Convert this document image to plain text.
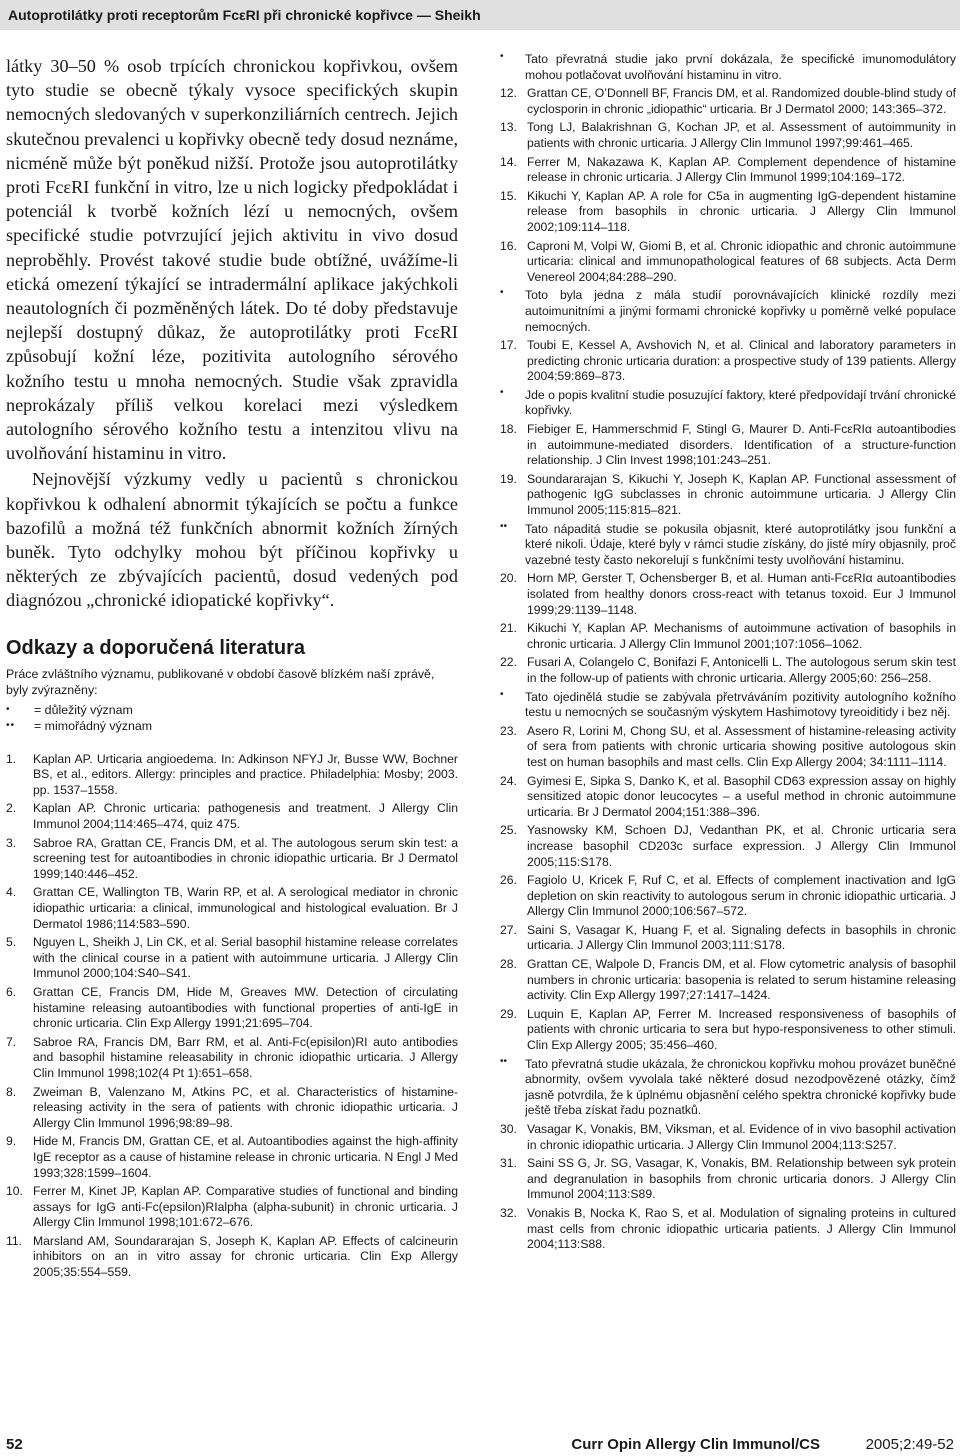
Autoprotilátky proti receptorům FcεRI při chronické kopřivce — Sheikh

látky 30–50 % osob trpících chronickou kopřivkou, ovšem tyto studie se obecně týkaly vysoce specifických skupin nemocných sledovaných v superkonziliárních centrech. Jejich skutečnou prevalenci u kopřivky obecně tedy dosud neznáme, nicméně může být poněkud nižší. Protože jsou autoprotilátky proti FcεRI funkční in vitro, lze u nich logicky předpokládat i potenciál k tvorbě kožních lézí u nemocných, ovšem specifické studie potvrzující jejich aktivitu in vivo dosud neproběhly. Provést takové studie bude obtížné, uvážíme-li etická omezení týkající se intradermální aplikace jakýchkoli neautologních či pozměněných látek. Do té doby představuje nejlepší dostupný důkaz, že autoprotilátky proti FcεRI způsobují kožní léze, pozitivita autologního sérového kožního testu u mnoha nemocných. Studie však zpravidla neprokázaly příliš velkou korelaci mezi výsledkem autologního sérového kožního testu a intenzitou vlivu na uvolňování histaminu in vitro.

Nejnovější výzkumy vedly u pacientů s chronickou kopřivkou k odhalení abnormit týkajících se počtu a funkce bazofilů a možná též funkčních abnormit kožních žírných buněk. Tyto odchylky mohou být příčinou kopřivky u některých ze zbývajících pacientů, dosud vedených pod diagnózou „chronické idiopatické kopřivky“.

Odkazy a doporučená literatura

Práce zvláštního významu, publikované v období časově blízkém naší zprávě, byly zvýrazněny:

•	= důležitý význam
••	= mimořádný význam
1.	Kaplan AP. Urticaria angioedema. In: Adkinson NFYJ Jr, Busse WW, Bochner BS, et al., editors. Allergy: principles and practice. Philadelphia: Mosby; 2003. pp. 1537–1558.
2.	Kaplan AP. Chronic urticaria: pathogenesis and treatment. J Allergy Clin Immunol 2004;114:465–474, quiz 475.
3.	Sabroe RA, Grattan CE, Francis DM, et al. The autologous serum skin test: a screening test for autoantibodies in chronic idiopathic urticaria. Br J Dermatol 1999;140:446–452.
4.	Grattan CE, Wallington TB, Warin RP, et al. A serological mediator in chronic idiopathic urticaria: a clinical, immunological and histological evaluation. Br J Dermatol 1986;114:583–590.
5.	Nguyen L, Sheikh J, Lin CK, et al. Serial basophil histamine release correlates with the clinical course in a patient with autoimmune urticaria. J Allergy Clin Immunol 2000;104:S40–S41.
6.	Grattan CE, Francis DM, Hide M, Greaves MW. Detection of circulating histamine releasing autoantibodies with functional properties of anti-IgE in chronic urticaria. Clin Exp Allergy 1991;21:695–704.
7.	Sabroe RA, Francis DM, Barr RM, et al. Anti-Fc(episilon)RI auto antibodies and basophil histamine releasability in chronic idiopathic urticaria. J Allergy Clin Immunol 1998;102(4 Pt 1):651–658.
8.	Zweiman B, Valenzano M, Atkins PC, et al. Characteristics of histamine-releasing activity in the sera of patients with chronic idiopathic urticaria. J Allergy Clin Immunol 1996;98:89–98.
9.	Hide M, Francis DM, Grattan CE, et al. Autoantibodies against the high-affinity IgE receptor as a cause of histamine release in chronic urticaria. N Engl J Med 1993;328:1599–1604.
10. Ferrer M, Kinet JP, Kaplan AP. Comparative studies of functional and binding assays for IgG anti-Fc(epsilon)RIalpha (alpha-subunit) in chronic urticaria. J Allergy Clin Immunol 1998;101:672–676.
11. Marsland AM, Soundararajan S, Joseph K, Kaplan AP. Effects of calcineurin inhibitors on an in vitro assay for chronic urticaria. Clin Exp Allergy 2005;35:554–559.
•	Tato převratná studie jako první dokázala, že specifické imunomodulátory mohou potlačovat uvolňování histaminu in vitro.
12. Grattan CE, O’Donnell BF, Francis DM, et al. Randomized double-blind study of cyclosporin in chronic „idiopathic“ urticaria. Br J Dermatol 2000; 143:365–372.
13. Tong LJ, Balakrishnan G, Kochan JP, et al. Assessment of autoimmunity in patients with chronic urticaria. J Allergy Clin Immunol 1997;99:461–465.
14. Ferrer M, Nakazawa K, Kaplan AP. Complement dependence of histamine release in chronic urticaria. J Allergy Clin Immunol 1999;104:169–172.
15. Kikuchi Y, Kaplan AP. A role for C5a in augmenting IgG-dependent histamine release from basophils in chronic urticaria. J Allergy Clin Immunol 2002;109:114–118.
16. Caproni M, Volpi W, Giomi B, et al. Chronic idiopathic and chronic autoimmune urticaria: clinical and immunopathological features of 68 subjects. Acta Derm Venereol 2004;84:288–290.
•	Toto byla jedna z mála studií porovnávajících klinické rozdíly mezi autoimunitními a jinými formami chronické kopřivky u poměrně velké populace nemocných.
17. Toubi E, Kessel A, Avshovich N, et al. Clinical and laboratory parameters in predicting chronic urticaria duration: a prospective study of 139 patients. Allergy 2004;59:869–873.
•	Jde o popis kvalitní studie posuzující faktory, které předpovídají trvání chronické kopřivky.
18. Fiebiger E, Hammerschmid F, Stingl G, Maurer D. Anti-FcεRIα autoantibodies in autoimmune-mediated disorders. Identification of a structure-function relationship. J Clin Invest 1998;101:243–251.
19. Soundararajan S, Kikuchi Y, Joseph K, Kaplan AP. Functional assessment of pathogenic IgG subclasses in chronic autoimmune urticaria. J Allergy Clin Immunol 2005;115:815–821.
••	Tato nápaditá studie se pokusila objasnit, které autoprotilátky jsou funkční a které nikoli. Údaje, které byly v rámci studie získány, do jisté míry objasnily, proč vazebné testy často nekorelují s funkčními testy uvolňování histaminu.
20. Horn MP, Gerster T, Ochensberger B, et al. Human anti-FcεRIα autoantibodies isolated from healthy donors cross-react with tetanus toxoid. Eur J Immunol 1999;29:1139–1148.
21. Kikuchi Y, Kaplan AP. Mechanisms of autoimmune activation of basophils in chronic urticaria. J Allergy Clin Immunol 2001;107:1056–1062.
22. Fusari A, Colangelo C, Bonifazi F, Antonicelli L. The autologous serum skin test in the follow-up of patients with chronic urticaria. Allergy 2005;60: 256–258.
•	Tato ojedinělá studie se zabývala přetrváváním pozitivity autologního kožního testu u nemocných se současným výskytem Hashimotovy tyreoiditidy i bez něj.
23. Asero R, Lorini M, Chong SU, et al. Assessment of histamine-releasing activity of sera from patients with chronic urticaria showing positive autologous skin test on human basophils and mast cells. Clin Exp Allergy 2004; 34:1111–1114.
24. Gyimesi E, Sipka S, Danko K, et al. Basophil CD63 expression assay on highly sensitized atopic donor leucocytes – a useful method in chronic autoimmune urticaria. Br J Dermatol 2004;151:388–396.
25. Yasnowsky KM, Schoen DJ, Vedanthan PK, et al. Chronic urticaria sera increase basophil CD203c surface expression. J Allergy Clin Immunol 2005;115:S178.
26. Fagiolo U, Kricek F, Ruf C, et al. Effects of complement inactivation and IgG depletion on skin reactivity to autologous serum in chronic idiopathic urticaria. J Allergy Clin Immunol 2000;106:567–572.
27. Saini S, Vasagar K, Huang F, et al. Signaling defects in basophils in chronic urticaria. J Allergy Clin Immunol 2003;111:S178.
28. Grattan CE, Walpole D, Francis DM, et al. Flow cytometric analysis of basophil numbers in chronic urticaria: basopenia is related to serum histamine releasing activity. Clin Exp Allergy 1997;27:1417–1424.
29. Luquin E, Kaplan AP, Ferrer M. Increased responsiveness of basophils of patients with chronic urticaria to sera but hypo-responsiveness to other stimuli. Clin Exp Allergy 2005; 35:456–460.
••	Tato převratná studie ukázala, že chronickou kopřivku mohou provázet buněčné abnormity, ovšem vyvolala také některé dosud nezodpovězené otázky, čímž jasně potvrdila, že k úplnému objasnění celého spektra chronické kopřivky bude ještě třeba získat řadu poznatků.
30. Vasagar K, Vonakis, BM, Viksman, et al. Evidence of in vivo basophil activation in chronic idiopathic urticaria. J Allergy Clin Immunol 2004;113:S257.
31. Saini SS G, Jr. SG, Vasagar, K, Vonakis, BM. Relationship between syk protein and degranulation in basophils from chronic urticaria donors. J Allergy Clin Immunol 2004;113:S89.
32. Vonakis B, Nocka K, Rao S, et al. Modulation of signaling proteins in cultured mast cells from chronic idiopathic urticaria patients. J Allergy Clin Immunol 2004;113:S88.
52	Curr Opin Allergy Clin Immunol/CS	2005;2:49-52
